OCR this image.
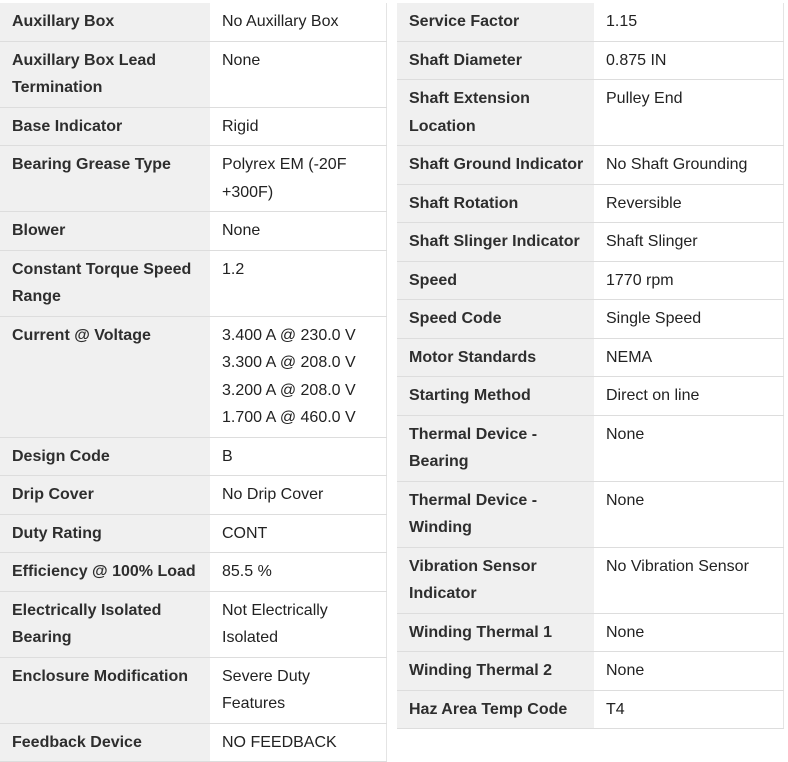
Auxillary Box	No Auxillary Box

Auxillary Box Lead Termination	None

Base Indicator	Rigid

Bearing Grease Type	Polyrex EM (-20F +300F)

Blower	None

Constant Torque Speed Range	1.2

Current @ Voltage	3.400 A @ 230.0 V
3.300 A @ 208.0 V
3.200 A @ 208.0 V
1.700 A @ 460.0 V

Design Code	B

Drip Cover	No Drip Cover

Duty Rating	CONT

Efficiency @ 100% Load	85.5 %

Electrically Isolated Bearing	Not Electrically Isolated

Enclosure Modification	Severe Duty Features

Feedback Device	NO FEEDBACK
Service Factor	1.15

Shaft Diameter	0.875 IN

Shaft Extension Location	Pulley End

Shaft Ground Indicator	No Shaft Grounding

Shaft Rotation	Reversible

Shaft Slinger Indicator	Shaft Slinger

Speed	1770 rpm

Speed Code	Single Speed

Motor Standards	NEMA

Starting Method	Direct on line

Thermal Device - Bearing	None

Thermal Device - Winding	None

Vibration Sensor Indicator	No Vibration Sensor

Winding Thermal 1	None

Winding Thermal 2	None

Haz Area Temp Code	T4
